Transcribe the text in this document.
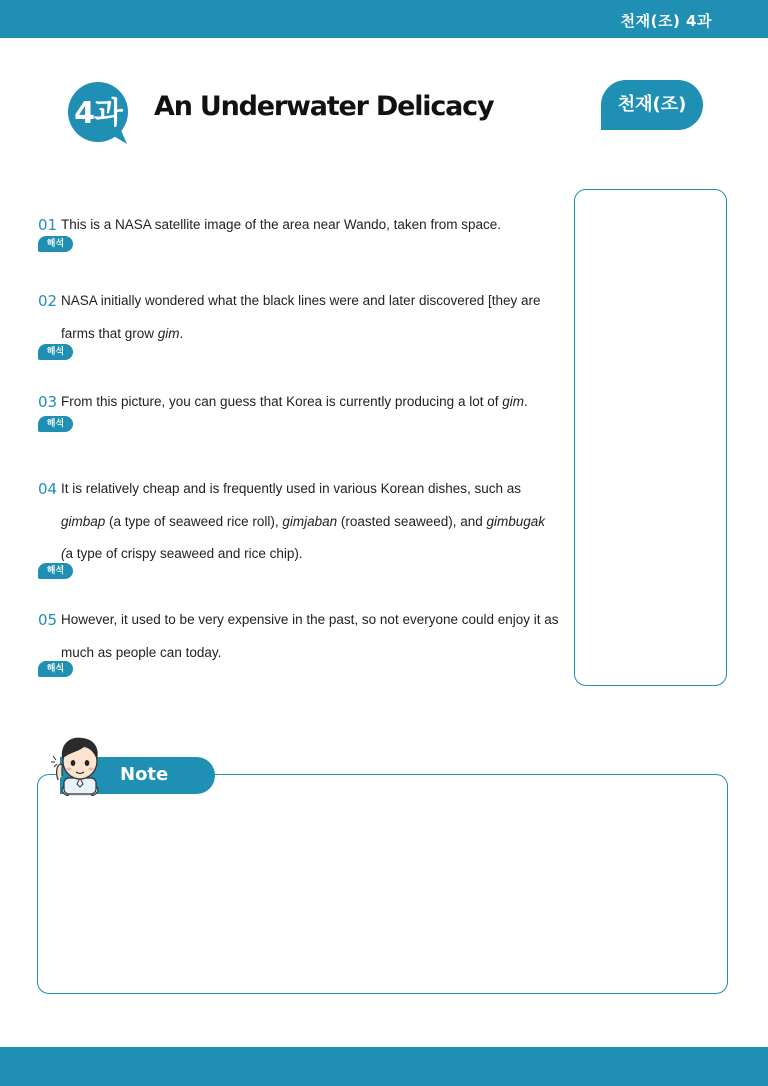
천재(조) 4과
4과	An Underwater Delicacy	천재(조)
01 This is a NASA satellite image of the area near Wando, taken from space.
해석
02 NASA initially wondered what the black lines were and later discovered [they are
farms that grow gim.
해석
03 From this picture, you can guess that Korea is currently producing a lot of gim.
해석
04 It is relatively cheap and is frequently used in various Korean dishes, such as
gimbap (a type of seaweed rice roll), gimjaban (roasted seaweed), and gimbugak
(a type of crispy seaweed and rice chip).
해석
05 However, it used to be very expensive in the past, so not everyone could enjoy it as
much as people can today.
해석
Note
